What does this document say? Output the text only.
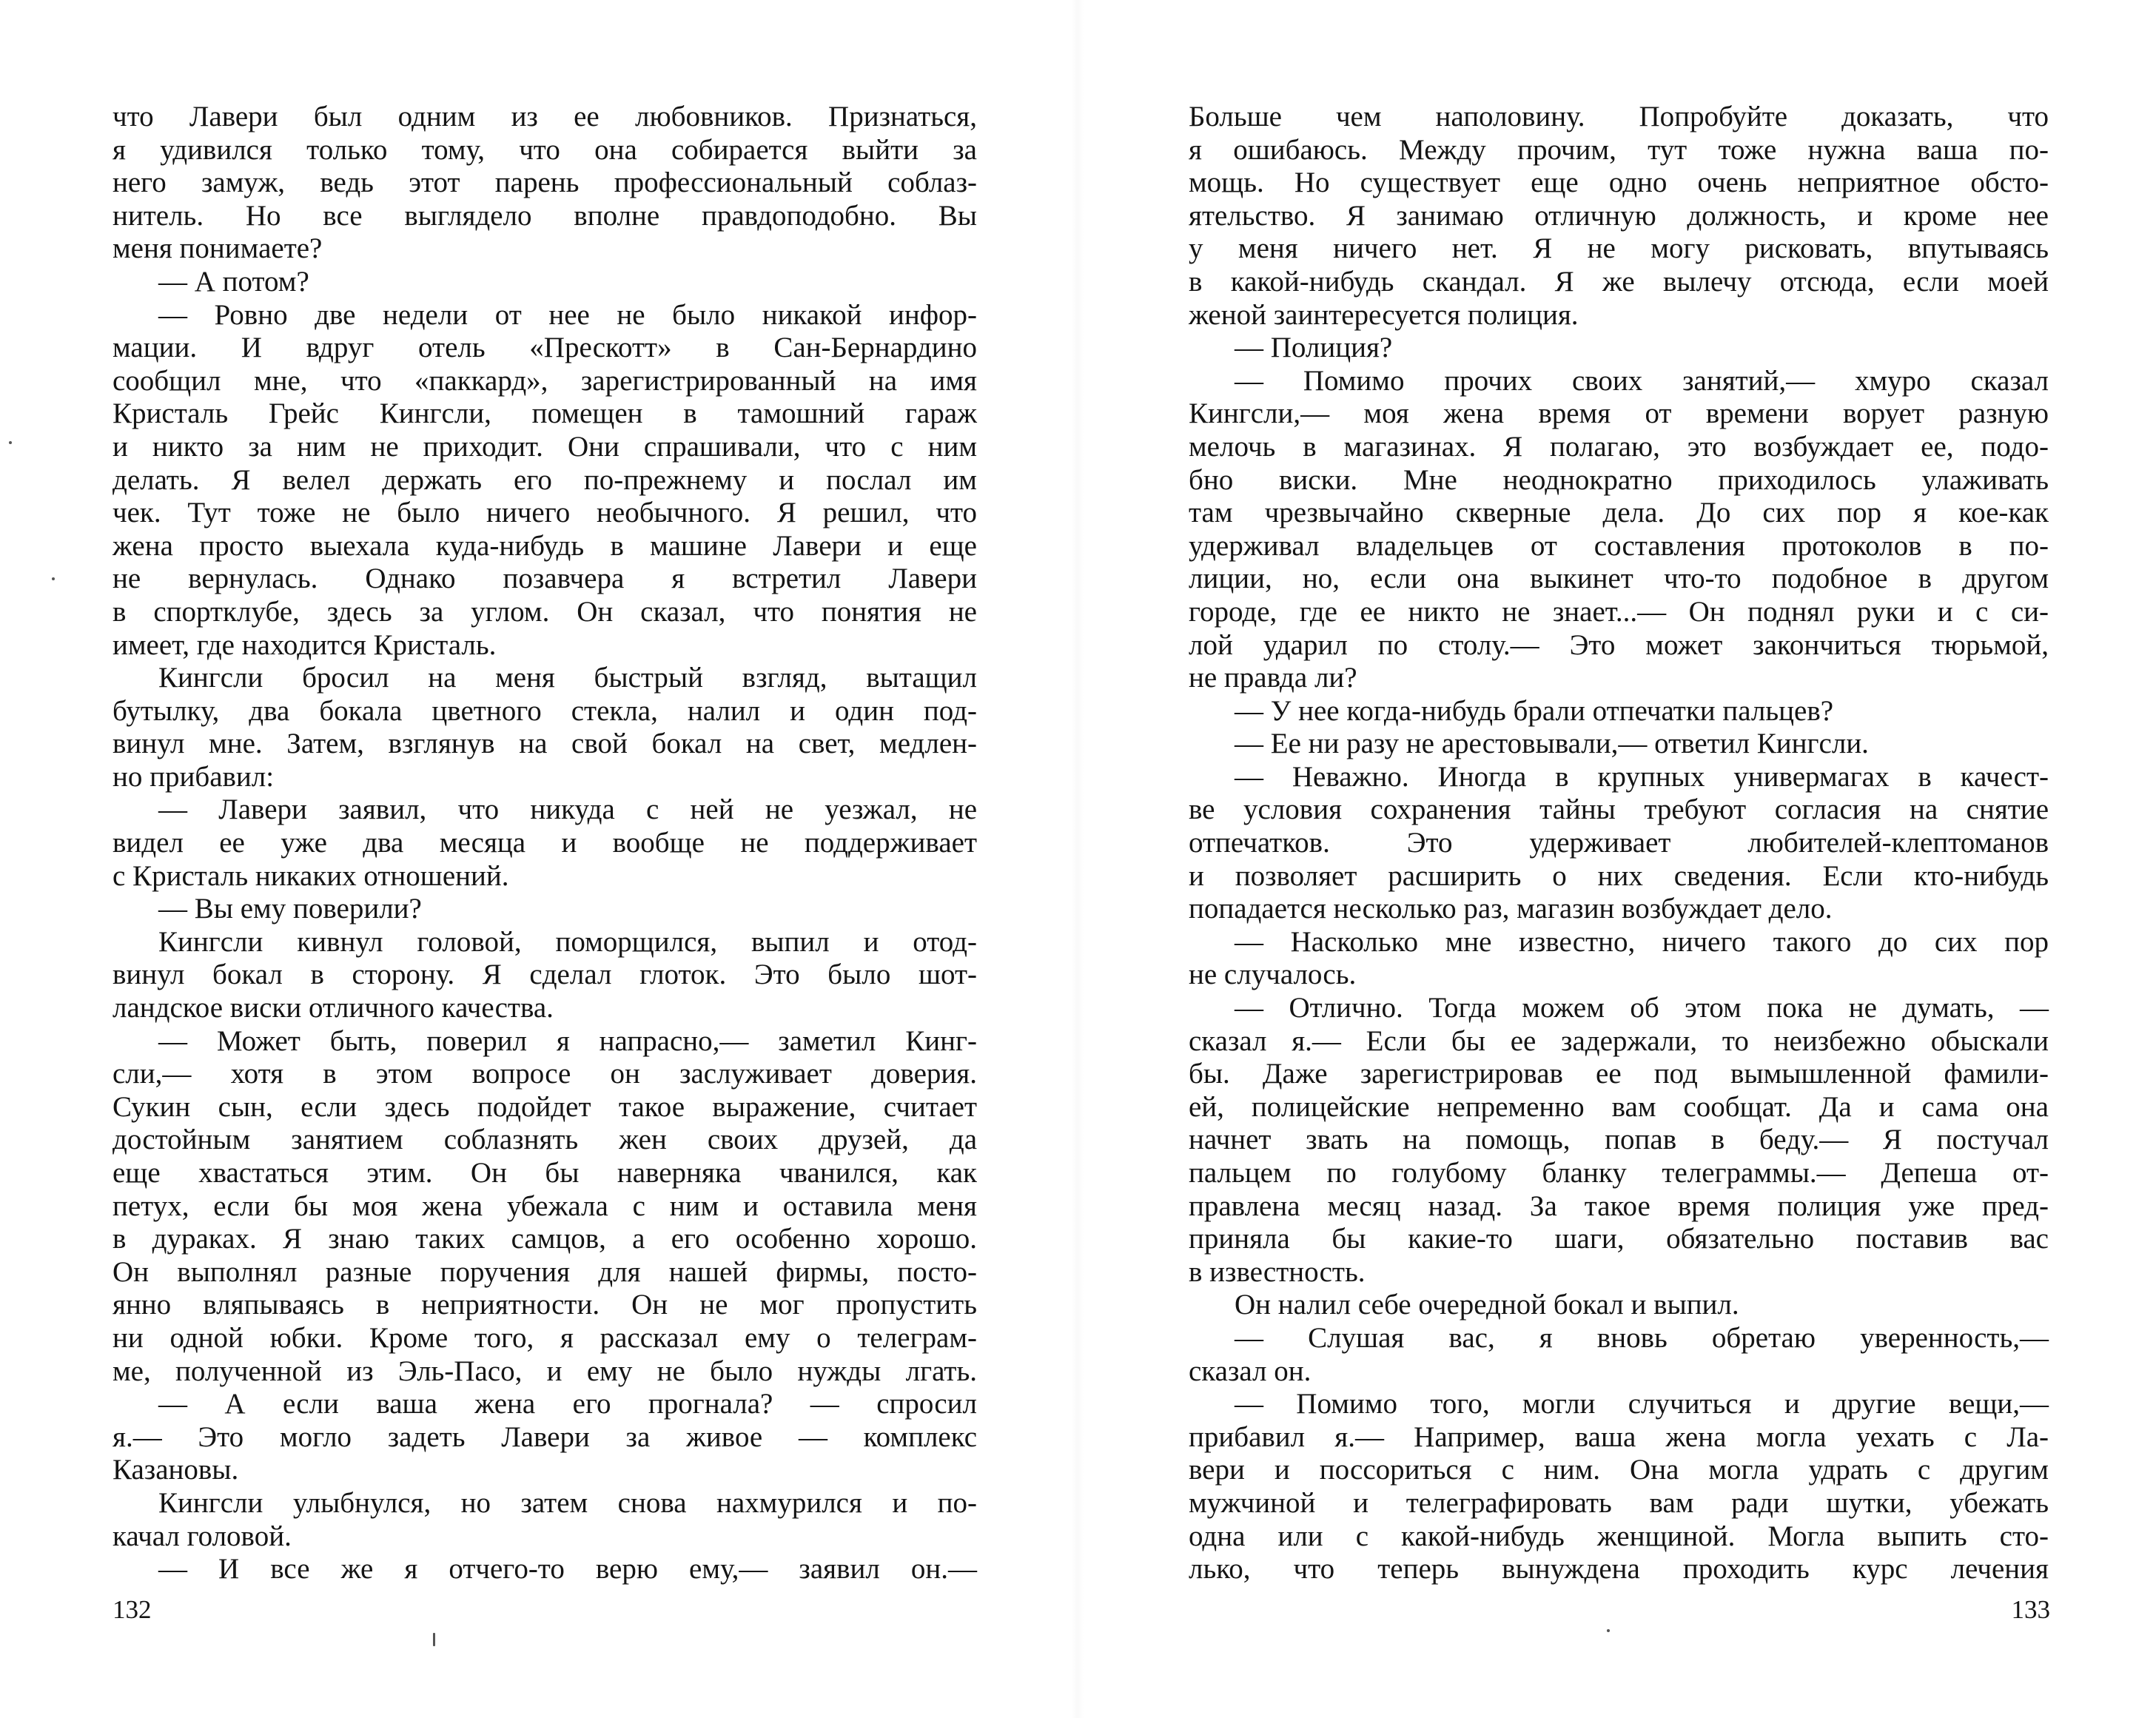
что Лавери был одним из ее любовников. Признаться,
я удивился только тому, что она собирается выйти за
него замуж, ведь этот парень профессиональный соблаз-
нитель. Но все выглядело вполне правдоподобно. Вы
меня понимаете?
— А потом?
— Ровно две недели от нее не было никакой инфор-
мации. И вдруг отель «Прескотт» в Сан-Бернардино
сообщил мне, что «паккард», зарегистрированный на имя
Кристаль Грейс Кингсли, помещен в тамошний гараж
и никто за ним не приходит. Они спрашивали, что с ним
делать. Я велел держать его по-прежнему и послал им
чек. Тут тоже не было ничего необычного. Я решил, что
жена просто выехала куда-нибудь в машине Лавери и еще
не вернулась. Однако позавчера я встретил Лавери
в спортклубе, здесь за углом. Он сказал, что понятия не
имеет, где находится Кристаль.
Кингсли бросил на меня быстрый взгляд, вытащил
бутылку, два бокала цветного стекла, налил и один под-
винул мне. Затем, взглянув на свой бокал на свет, медлен-
но прибавил:
— Лавери заявил, что никуда с ней не уезжал, не
видел ее уже два месяца и вообще не поддерживает
с Кристаль никаких отношений.
— Вы ему поверили?
Кингсли кивнул головой, поморщился, выпил и отод-
винул бокал в сторону. Я сделал глоток. Это было шот-
ландское виски отличного качества.
— Может быть, поверил я напрасно,— заметил Кинг-
сли,— хотя в этом вопросе он заслуживает доверия.
Сукин сын, если здесь подойдет такое выражение, считает
достойным занятием соблазнять жен своих друзей, да
еще хвастаться этим. Он бы наверняка чванился, как
петух, если бы моя жена убежала с ним и оставила меня
в дураках. Я знаю таких самцов, а его особенно хорошо.
Он выполнял разные поручения для нашей фирмы, посто-
янно вляпываясь в неприятности. Он не мог пропустить
ни одной юбки. Кроме того, я рассказал ему о телеграм-
ме, полученной из Эль-Пасо, и ему не было нужды лгать.
— А если ваша жена его прогнала? — спросил
я.— Это могло задеть Лавери за живое — комплекс
Казановы.
Кингсли улыбнулся, но затем снова нахмурился и по-
качал головой.
— И все же я отчего-то верю ему,— заявил он.—
132
Больше чем наполовину. Попробуйте доказать, что
я ошибаюсь. Между прочим, тут тоже нужна ваша по-
мощь. Но существует еще одно очень неприятное обсто-
ятельство. Я занимаю отличную должность, и кроме нее
у меня ничего нет. Я не могу рисковать, впутываясь
в какой-нибудь скандал. Я же вылечу отсюда, если моей
женой заинтересуется полиция.
— Полиция?
— Помимо прочих своих занятий,— хмуро сказал
Кингсли,— моя жена время от времени ворует разную
мелочь в магазинах. Я полагаю, это возбуждает ее, подо-
бно виски. Мне неоднократно приходилось улаживать
там чрезвычайно скверные дела. До сих пор я кое-как
удерживал владельцев от составления протоколов в по-
лиции, но, если она выкинет что-то подобное в другом
городе, где ее никто не знает...— Он поднял руки и с си-
лой ударил по столу.— Это может закончиться тюрьмой,
не правда ли?
— У нее когда-нибудь брали отпечатки пальцев?
— Ее ни разу не арестовывали,— ответил Кингсли.
— Неважно. Иногда в крупных универмагах в качест-
ве условия сохранения тайны требуют согласия на снятие
отпечатков. Это удерживает любителей-клептоманов
и позволяет расширить о них сведения. Если кто-нибудь
попадается несколько раз, магазин возбуждает дело.
— Насколько мне известно, ничего такого до сих пор
не случалось.
— Отлично. Тогда можем об этом пока не думать, —
сказал я.— Если бы ее задержали, то неизбежно обыскали
бы. Даже зарегистрировав ее под вымышленной фамили-
ей, полицейские непременно вам сообщат. Да и сама она
начнет звать на помощь, попав в беду.— Я постучал
пальцем по голубому бланку телеграммы.— Депеша от-
правлена месяц назад. За такое время полиция уже пред-
приняла бы какие-то шаги, обязательно поставив вас
в известность.
Он налил себе очередной бокал и выпил.
— Слушая вас, я вновь обретаю уверенность,—
сказал он.
— Помимо того, могли случиться и другие вещи,—
прибавил я.— Например, ваша жена могла уехать с Ла-
вери и поссориться с ним. Она могла удрать с другим
мужчиной и телеграфировать вам ради шутки, убежать
одна или с какой-нибудь женщиной. Могла выпить сто-
лько, что теперь вынуждена проходить курс лечения
133
